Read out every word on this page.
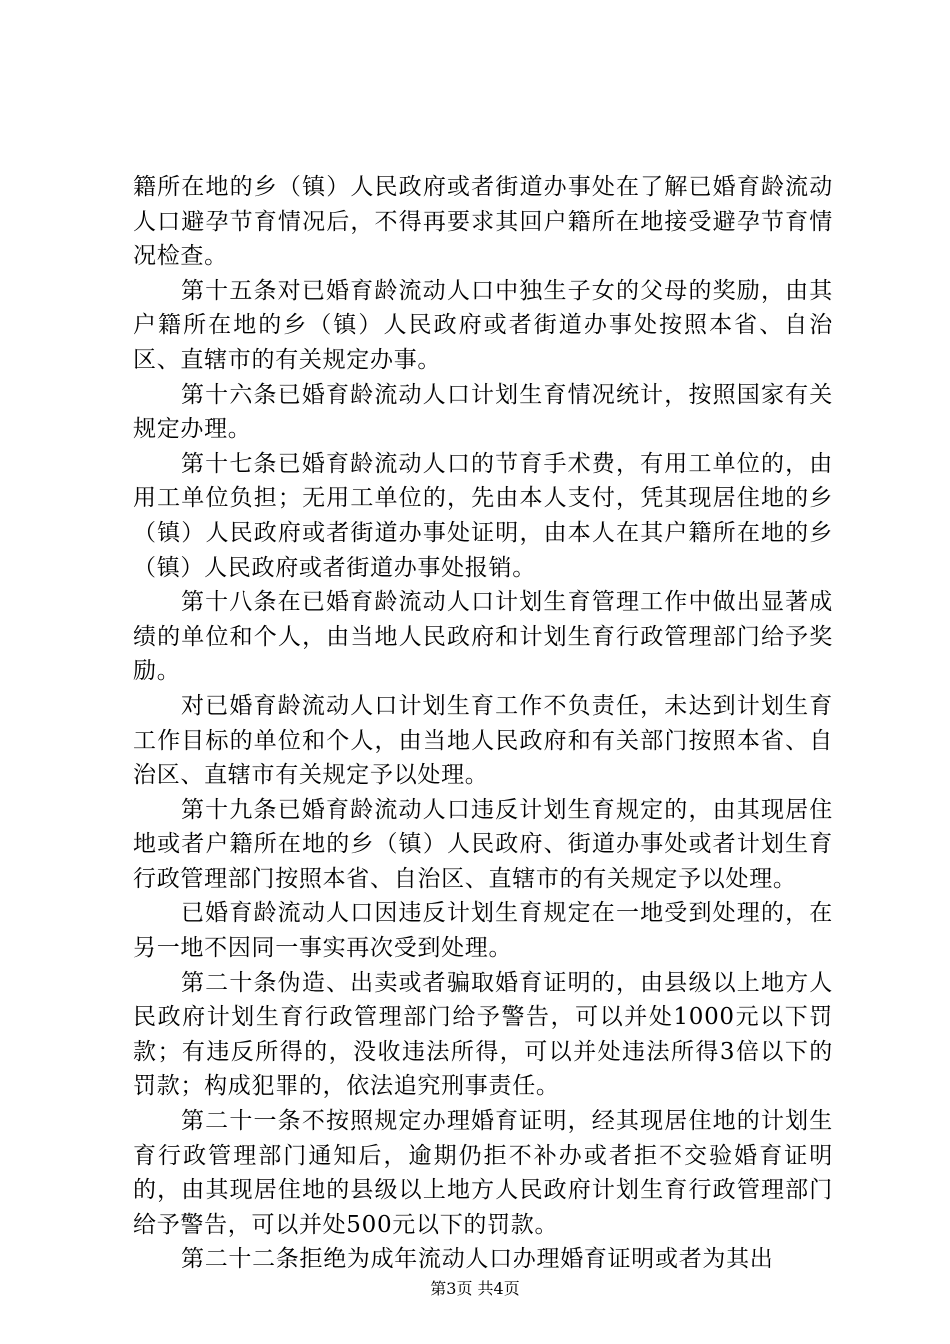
籍所在地的乡（镇）人民政府或者街道办事处在了解已婚育龄流动人口避孕节育情况后，不得再要求其回户籍所在地接受避孕节育情况检查。

第十五条对已婚育龄流动人口中独生子女的父母的奖励，由其户籍所在地的乡（镇）人民政府或者街道办事处按照本省、自治区、直辖市的有关规定办事。

第十六条已婚育龄流动人口计划生育情况统计，按照国家有关规定办理。

第十七条已婚育龄流动人口的节育手术费，有用工单位的，由用工单位负担；无用工单位的，先由本人支付，凭其现居住地的乡（镇）人民政府或者街道办事处证明，由本人在其户籍所在地的乡（镇）人民政府或者街道办事处报销。

第十八条在已婚育龄流动人口计划生育管理工作中做出显著成绩的单位和个人，由当地人民政府和计划生育行政管理部门给予奖励。

对已婚育龄流动人口计划生育工作不负责任，未达到计划生育工作目标的单位和个人，由当地人民政府和有关部门按照本省、自治区、直辖市有关规定予以处理。

第十九条已婚育龄流动人口违反计划生育规定的，由其现居住地或者户籍所在地的乡（镇）人民政府、街道办事处或者计划生育行政管理部门按照本省、自治区、直辖市的有关规定予以处理。

已婚育龄流动人口因违反计划生育规定在一地受到处理的，在另一地不因同一事实再次受到处理。

第二十条伪造、出卖或者骗取婚育证明的，由县级以上地方人民政府计划生育行政管理部门给予警告，可以并处1000元以下罚款；有违反所得的，没收违法所得，可以并处违法所得3倍以下的罚款；构成犯罪的，依法追究刑事责任。

第二十一条不按照规定办理婚育证明，经其现居住地的计划生育行政管理部门通知后，逾期仍拒不补办或者拒不交验婚育证明的，由其现居住地的县级以上地方人民政府计划生育行政管理部门给予警告，可以并处500元以下的罚款。

第二十二条拒绝为成年流动人口办理婚育证明或者为其出

第3页 共4页
